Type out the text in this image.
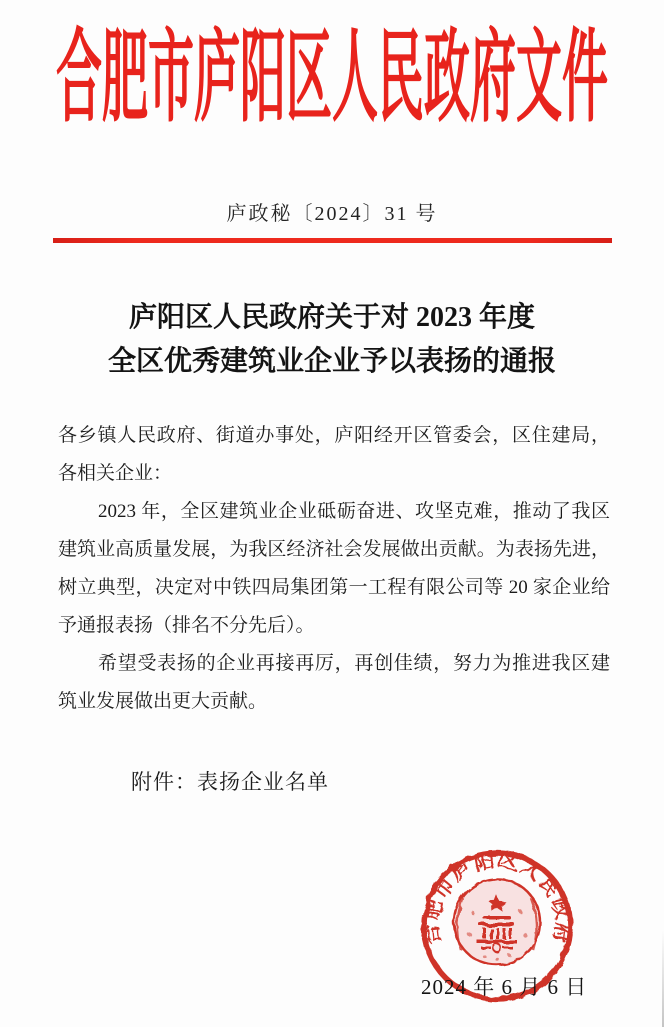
合肥市庐阳区人民政府文件
庐政秘〔2024〕31 号
庐阳区人民政府关于对 2023 年度
全区优秀建筑业企业予以表扬的通报
各乡镇人民政府、街道办事处，庐阳经开区管委会，区住建局，
各相关企业：
2023 年，全区建筑业企业砥砺奋进、攻坚克难，推动了我区
建筑业高质量发展，为我区经济社会发展做出贡献。为表扬先进，
树立典型，决定对中铁四局集团第一工程有限公司等 20 家企业给
予通报表扬（排名不分先后）。
希望受表扬的企业再接再厉，再创佳绩，努力为推进我区建
筑业发展做出更大贡献。
附件：表扬企业名单
合肥市庐阳区人民政府
2024 年 6 月 6 日
